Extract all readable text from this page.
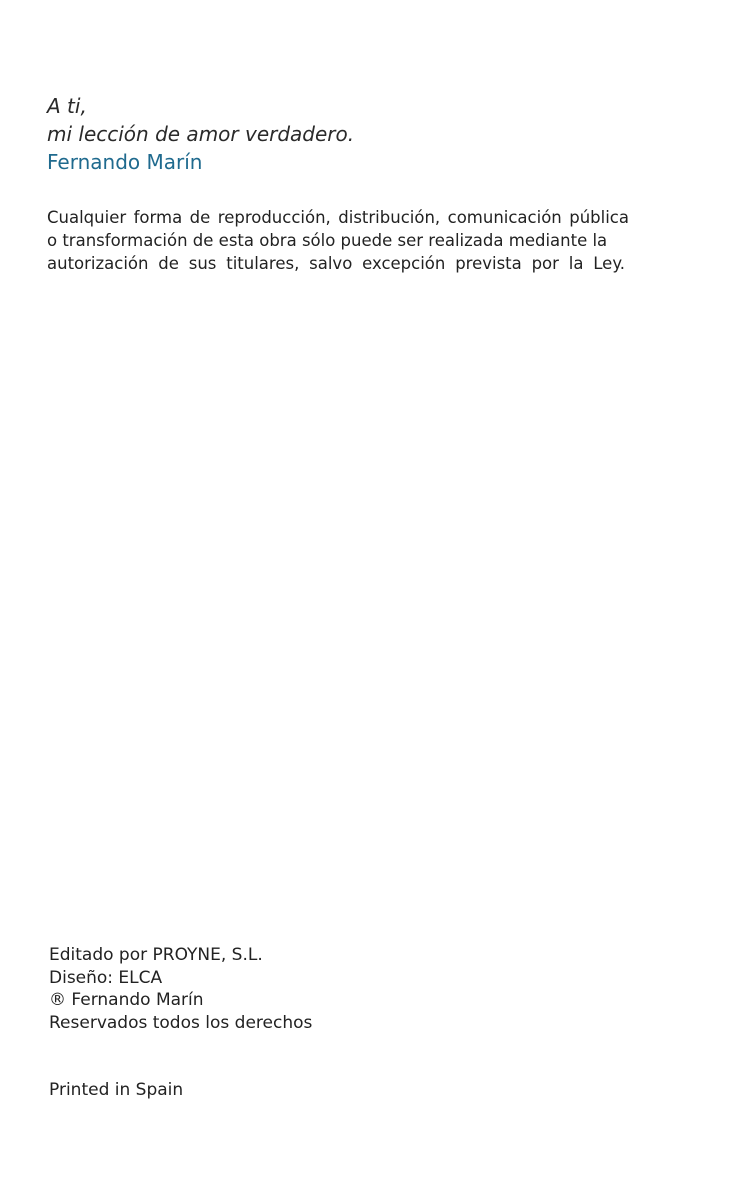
A ti,
mi lección de amor verdadero.
Fernando Marín
Cualquier forma de reproducción, distribución, comunicación pública o transformación de esta obra sólo puede ser realizada mediante la
autorización de sus titulares, salvo excepción prevista por la Ley.
Editado por PROYNE, S.L.
Diseño: ELCA
® Fernando Marín
Reservados todos los derechos
Printed in Spain
